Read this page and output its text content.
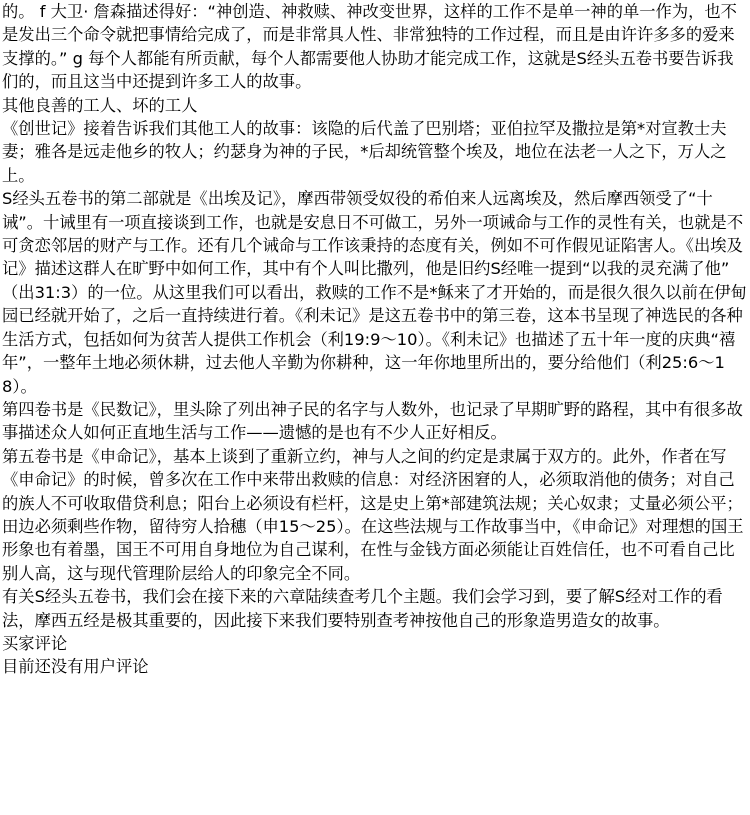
的。 f 大卫· 詹森描述得好：“神创造、神救赎、神改变世界，这样的工作不是单一神的单一作为，也不是发出三个命令就把事情给完成了，而是非常具人性、非常独特的工作过程，而且是由许许多多的爱来支撑的。” g 每个人都能有所贡献，每个人都需要他人协助才能完成工作，这就是S经头五卷书要告诉我们的，而且这当中还提到许多工人的故事。

其他良善的工人、坏的工人

《创世记》接着告诉我们其他工人的故事：该隐的后代盖了巴别塔；亚伯拉罕及撒拉是第*对宣教士夫妻；雅各是远走他乡的牧人；约瑟身为神的子民，*后却统管整个埃及，地位在法老一人之下，万人之上。

S经头五卷书的第二部就是《出埃及记》，摩西带领受奴役的希伯来人远离埃及，然后摩西领受了“十诫”。十诫里有一项直接谈到工作，也就是安息日不可做工，另外一项诫命与工作的灵性有关，也就是不可贪恋邻居的财产与工作。还有几个诫命与工作该秉持的态度有关，例如不可作假见证陷害人。《出埃及记》描述这群人在旷野中如何工作，其中有个人叫比撒列，他是旧约S经唯一提到“以我的灵充满了他” （出31:3）的一位。从这里我们可以看出，救赎的工作不是*稣来了才开始的，而是很久很久以前在伊甸园已经就开始了，之后一直持续进行着。《利未记》是这五卷书中的第三卷，这本书呈现了神选民的各种生活方式，包括如何为贫苦人提供工作机会（利19:9～10）。《利未记》也描述了五十年一度的庆典“禧年”，一整年土地必须休耕，过去他人辛勤为你耕种，这一年你地里所出的，要分给他们（利25:6～18）。

第四卷书是《民数记》，里头除了列出神子民的名字与人数外，也记录了早期旷野的路程，其中有很多故事描述众人如何正直地生活与工作——遗憾的是也有不少人正好相反。

第五卷书是《申命记》，基本上谈到了重新立约，神与人之间的约定是隶属于双方的。此外，作者在写《申命记》的时候，曾多次在工作中来带出救赎的信息：对经济困窘的人，必须取消他的债务；对自己的族人不可收取借贷利息；阳台上必须设有栏杆，这是史上第*部建筑法规；关心奴隶；丈量必须公平；田边必须剩些作物，留待穷人拾穗（申15～25）。在这些法规与工作故事当中，《申命记》对理想的国王形象也有着墨，国王不可用自身地位为自己谋利，在性与金钱方面必须能让百姓信任，也不可看自己比别人高，这与现代管理阶层给人的印象完全不同。

有关S经头五卷书，我们会在接下来的六章陆续查考几个主题。我们会学习到，要了解S经对工作的看法，摩西五经是极其重要的，因此接下来我们要特别查考神按他自己的形象造男造女的故事。

买家评论

目前还没有用户评论
